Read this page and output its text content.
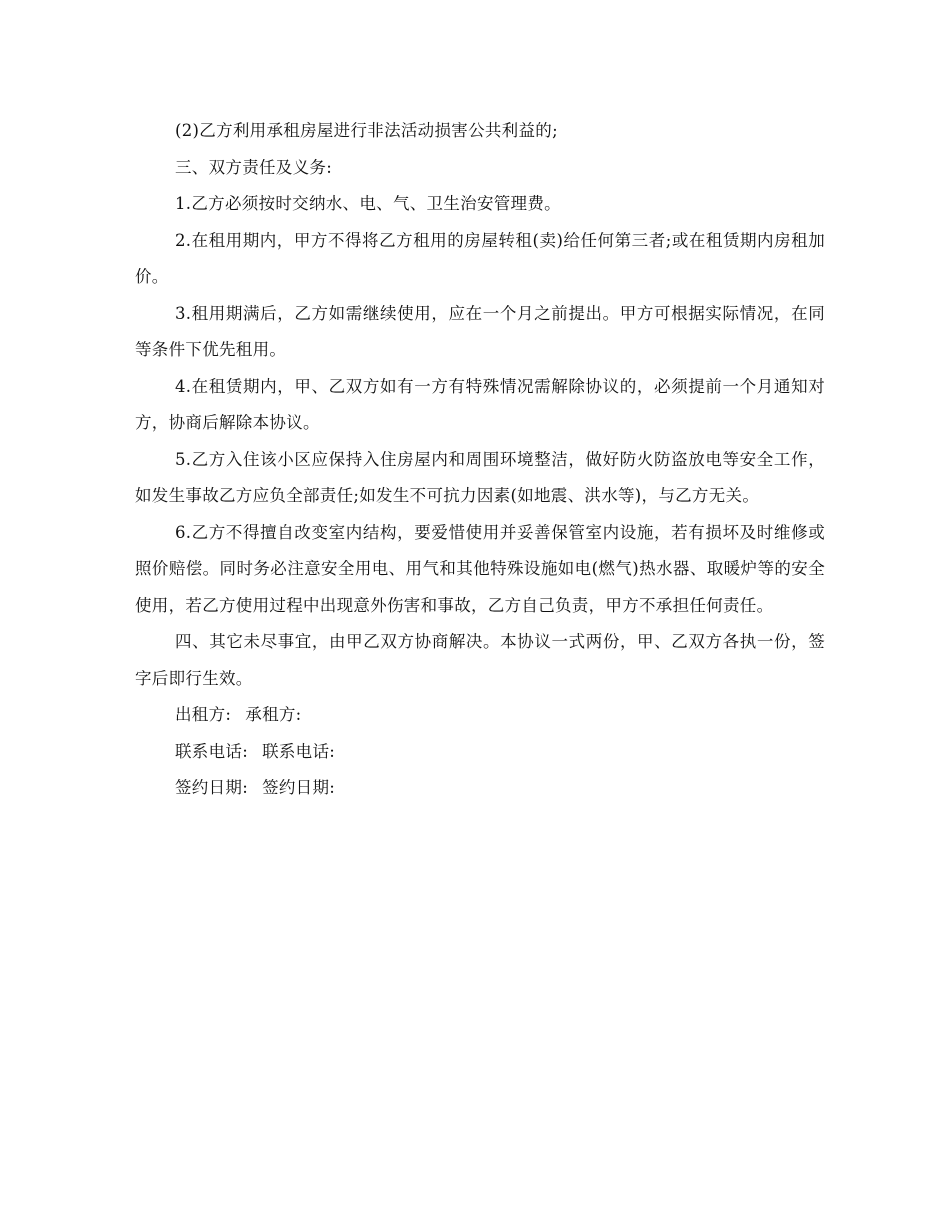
(2)乙方利用承租房屋进行非法活动损害公共利益的;

三、双方责任及义务:

1.乙方必须按时交纳水、电、气、卫生治安管理费。

2.在租用期内，甲方不得将乙方租用的房屋转租(卖)给任何第三者;或在租赁期内房租加价。

3.租用期满后，乙方如需继续使用，应在一个月之前提出。甲方可根据实际情况，在同等条件下优先租用。

4.在租赁期内，甲、乙双方如有一方有特殊情况需解除协议的，必须提前一个月通知对方，协商后解除本协议。

5.乙方入住该小区应保持入住房屋内和周围环境整洁，做好防火防盗放电等安全工作，如发生事故乙方应负全部责任;如发生不可抗力因素(如地震、洪水等)，与乙方无关。

6.乙方不得擅自改变室内结构，要爱惜使用并妥善保管室内设施，若有损坏及时维修或照价赔偿。同时务必注意安全用电、用气和其他特殊设施如电(燃气)热水器、取暖炉等的安全使用，若乙方使用过程中出现意外伤害和事故，乙方自己负责，甲方不承担任何责任。

四、其它未尽事宜，由甲乙双方协商解决。本协议一式两份，甲、乙双方各执一份，签字后即行生效。

出租方: 承租方:
联系电话: 联系电话:
签约日期: 签约日期:
